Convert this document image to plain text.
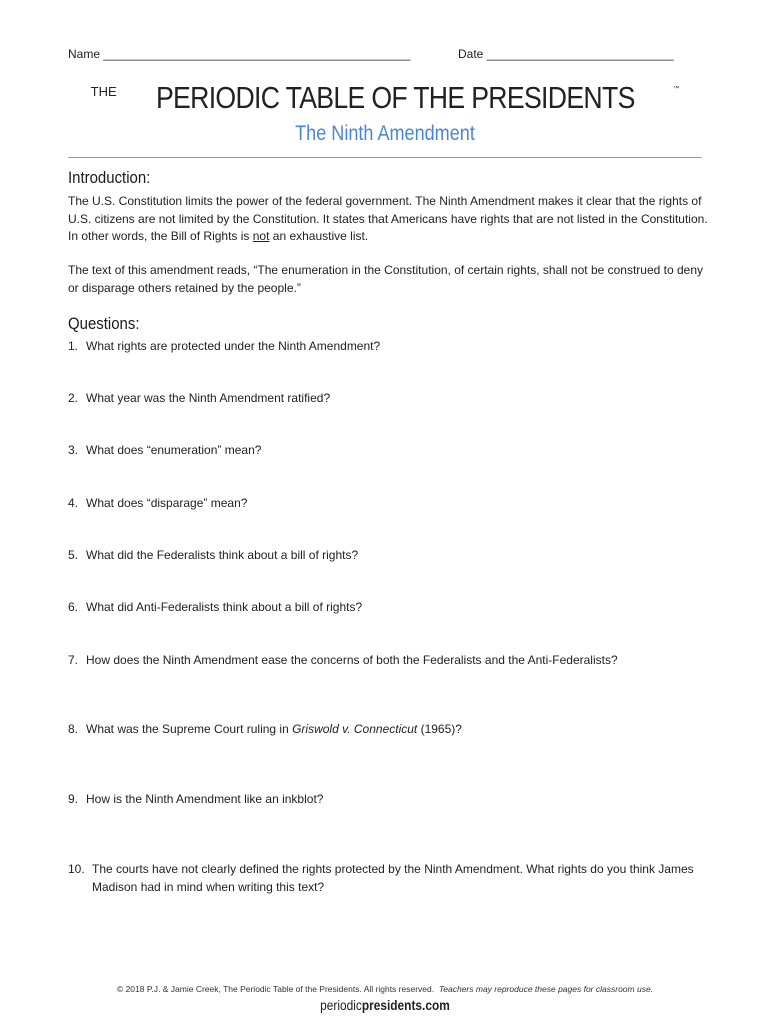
Name ______________________________________________	Date ____________________________
$^{THE}$ PERIODIC TABLE OF THE PRESIDENTS	™
The Ninth Amendment
Introduction:
The U.S. Constitution limits the power of the federal government. The Ninth Amendment makes it clear that the rights of U.S. citizens are not limited by the Constitution. It states that Americans have rights that are not listed in the Constitution. In other words, the Bill of Rights is not an exhaustive list.
The text of this amendment reads, “The enumeration in the Constitution, of certain rights, shall not be construed to deny or disparage others retained by the people.”
Questions:
1. What rights are protected under the Ninth Amendment?
2. What year was the Ninth Amendment ratified?
3. What does “enumeration” mean?
4. What does “disparage” mean?
5. What did the Federalists think about a bill of rights?
6. What did Anti-Federalists think about a bill of rights?
7. How does the Ninth Amendment ease the concerns of both the Federalists and the Anti-Federalists?
8. What was the Supreme Court ruling in Griswold v. Connecticut (1965)?
9. How is the Ninth Amendment like an inkblot?
10. The courts have not clearly defined the rights protected by the Ninth Amendment. What rights do you think James Madison had in mind when writing this text?
© 2018 P.J. & Jamie Creek, The Periodic Table of the Presidents. All rights reserved. Teachers may reproduce these pages for classroom use.
periodicpresidents.com
